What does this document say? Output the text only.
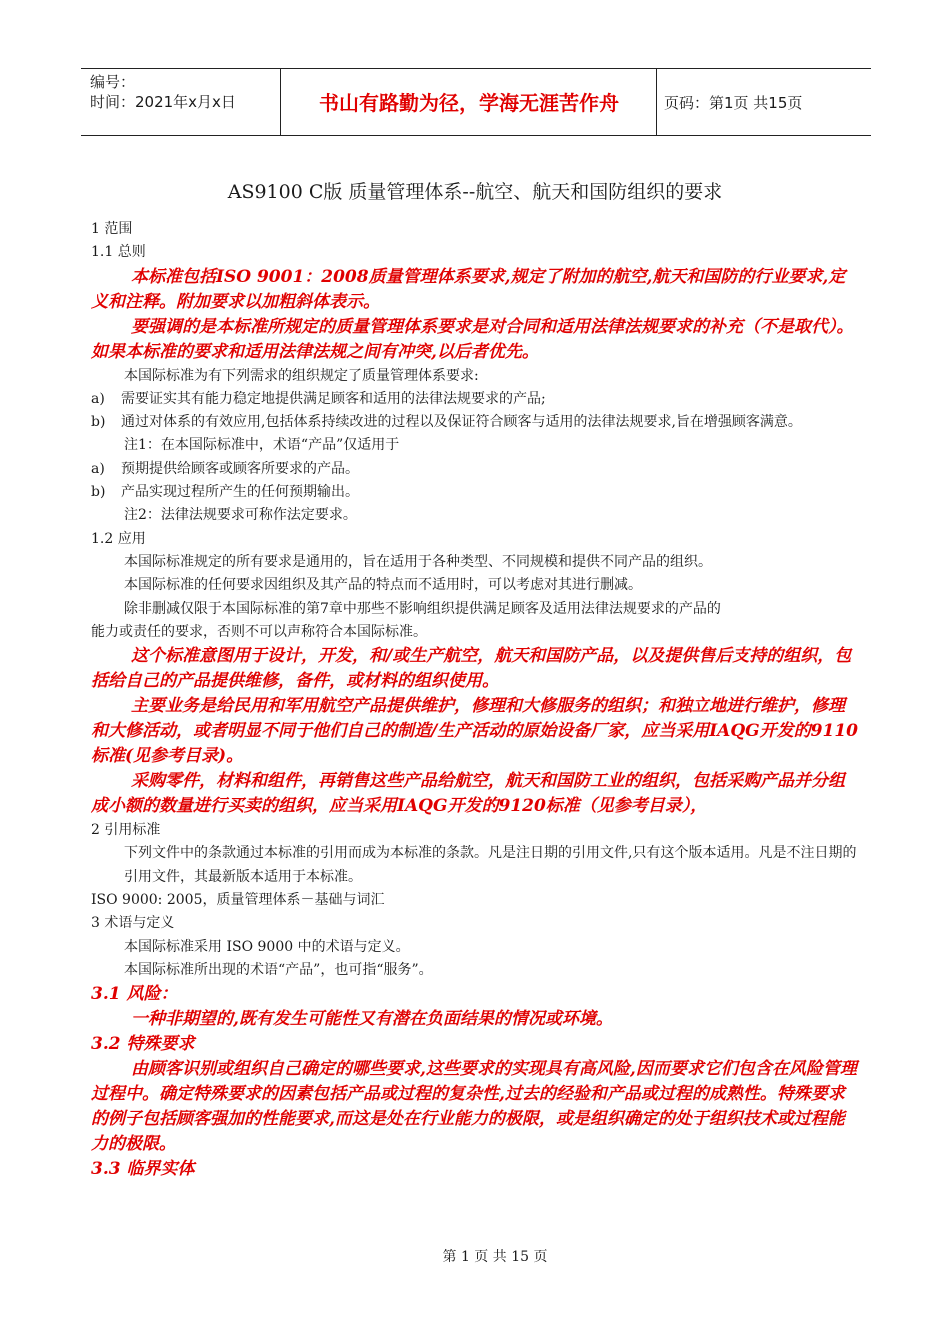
编号：
时间：2021年x月x日	书山有路勤为径，学海无涯苦作舟	页码：第1页 共15页
AS9100 C版 质量管理体系--航空、航天和国防组织的要求
1 范围
1.1 总则
本标准包括ISO 9001：2008质量管理体系要求,规定了附加的航空,航天和国防的行业要求,定义和注释。附加要求以加粗斜体表示。
要强调的是本标准所规定的质量管理体系要求是对合同和适用法律法规要求的补充（不是取代）。如果本标准的要求和适用法律法规之间有冲突,以后者优先。
本国际标准为有下列需求的组织规定了质量管理体系要求:
a)	需要证实其有能力稳定地提供满足顾客和适用的法律法规要求的产品;
b)	通过对体系的有效应用,包括体系持续改进的过程以及保证符合顾客与适用的法律法规要求,旨在增强顾客满意。
注1：在本国际标准中，术语“产品”仅适用于
a)	预期提供给顾客或顾客所要求的产品。
b)	产品实现过程所产生的任何预期输出。
注2：法律法规要求可称作法定要求。
1.2 应用
本国际标准规定的所有要求是通用的，旨在适用于各种类型、不同规模和提供不同产品的组织。
本国际标准的任何要求因组织及其产品的特点而不适用时，可以考虑对其进行删减。
除非删减仅限于本国际标准的第7章中那些不影响组织提供满足顾客及适用法律法规要求的产品的
能力或责任的要求，否则不可以声称符合本国际标准。
这个标准意图用于设计，开发，和/或生产航空，航天和国防产品，以及提供售后支持的组织，包括给自己的产品提供维修，备件，或材料的组织使用。
主要业务是给民用和军用航空产品提供维护，修理和大修服务的组织；和独立地进行维护，修理和大修活动，或者明显不同于他们自己的制造/生产活动的原始设备厂家，应当采用IAQG开发的9110标准(见参考目录)。
采购零件，材料和组件，再销售这些产品给航空，航天和国防工业的组织，包括采购产品并分组成小额的数量进行买卖的组织，应当采用IAQG开发的9120标准（见参考目录），
2 引用标准
下列文件中的条款通过本标准的引用而成为本标准的条款。凡是注日期的引用文件,只有这个版本适用。凡是不注日期的引用文件，其最新版本适用于本标准。
ISO 9000: 2005，质量管理体系－基础与词汇
3 术语与定义
本国际标准采用 ISO 9000 中的术语与定义。
本国际标准所出现的术语“产品”，也可指“服务”。
3.1 风险：
一种非期望的,既有发生可能性又有潜在负面结果的情况或环境。
3.2 特殊要求
由顾客识别或组织自己确定的哪些要求,这些要求的实现具有高风险,因而要求它们包含在风险管理过程中。确定特殊要求的因素包括产品或过程的复杂性,过去的经验和产品或过程的成熟性。特殊要求的例子包括顾客强加的性能要求,而这是处在行业能力的极限，或是组织确定的处于组织技术或过程能力的极限。
3.3 临界实体
第 1 页 共 15 页
